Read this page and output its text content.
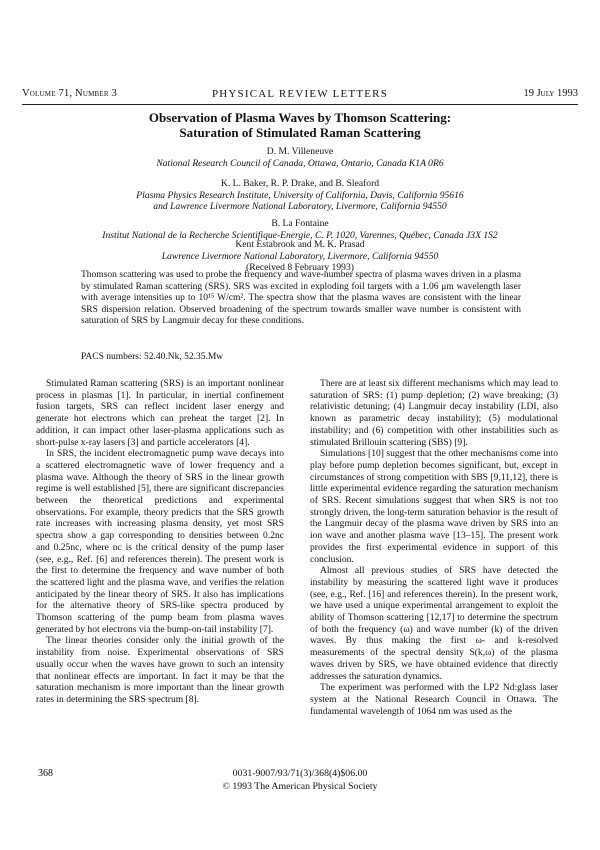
Volume 71, Number 3	PHYSICAL REVIEW LETTERS	19 July 1993
Observation of Plasma Waves by Thomson Scattering:
Saturation of Stimulated Raman Scattering
D. M. Villeneuve
National Research Council of Canada, Ottawa, Ontario, Canada K1A 0R6
K. L. Baker, R. P. Drake, and B. Sleaford
Plasma Physics Research Institute, University of California, Davis, California 95616
and Lawrence Livermore National Laboratory, Livermore, California 94550
B. La Fontaine
Institut National de la Recherche Scientifique-Energie, C. P. 1020, Varennes, Québec, Canada J3X 1S2
Kent Estabrook and M. K. Prasad
Lawrence Livermore National Laboratory, Livermore, California 94550
(Received 8 February 1993)
Thomson scattering was used to probe the frequency and wave-number spectra of plasma waves driven in a plasma by stimulated Raman scattering (SRS). SRS was excited in exploding foil targets with a 1.06 μm wavelength laser with average intensities up to 10¹⁵ W/cm². The spectra show that the plasma waves are consistent with the linear SRS dispersion relation. Observed broadening of the spectrum towards smaller wave number is consistent with saturation of SRS by Langmuir decay for these conditions.
PACS numbers: 52.40.Nk, 52.35.Mw

Stimulated Raman scattering (SRS) is an important nonlinear process in plasmas [1]. In particular, in inertial confinement fusion targets, SRS can reflect incident laser energy and generate hot electrons which can preheat the target [2]. In addition, it can impact other laser-plasma applications such as short-pulse x-ray lasers [3] and particle accelerators [4].

In SRS, the incident electromagnetic pump wave decays into a scattered electromagnetic wave of lower frequency and a plasma wave. Although the theory of SRS in the linear growth regime is well established [5], there are significant discrepancies between the theoretical predictions and experimental observations. For example, theory predicts that the SRS growth rate increases with increasing plasma density, yet most SRS spectra show a gap corresponding to densities between 0.2nc and 0.25nc, where nc is the critical density of the pump laser (see, e.g., Ref. [6] and references therein). The present work is the first to determine the frequency and wave number of both the scattered light and the plasma wave, and verifies the relation anticipated by the linear theory of SRS. It also has implications for the alternative theory of SRS-like spectra produced by Thomson scattering of the pump beam from plasma waves generated by hot electrons via the bump-on-tail instability [7].

The linear theories consider only the initial growth of the instability from noise. Experimental observations of SRS usually occur when the waves have grown to such an intensity that nonlinear effects are important. In fact it may be that the saturation mechanism is more important than the linear growth rates in determining the SRS spectrum [8].

There are at least six different mechanisms which may lead to saturation of SRS: (1) pump depletion; (2) wave breaking; (3) relativistic detuning; (4) Langmuir decay instability (LDI, also known as parametric decay instability); (5) modulational instability; and (6) competition with other instabilities such as stimulated Brillouin scattering (SBS) [9].

Simulations [10] suggest that the other mechanisms come into play before pump depletion becomes significant, but, except in circumstances of strong competition with SBS [9,11,12], there is little experimental evidence regarding the saturation mechanism of SRS. Recent simulations suggest that when SRS is not too strongly driven, the long-term saturation behavior is the result of the Langmuir decay of the plasma wave driven by SRS into an ion wave and another plasma wave [13–15]. The present work provides the first experimental evidence in support of this conclusion.

Almost all previous studies of SRS have detected the instability by measuring the scattered light wave it produces (see, e.g., Ref. [16] and references therein). In the present work, we have used a unique experimental arrangement to exploit the ability of Thomson scattering [12,17] to determine the spectrum of both the frequency (ω) and wave number (k) of the driven waves. By thus making the first ω- and k-resolved measurements of the spectral density S(k,ω) of the plasma waves driven by SRS, we have obtained evidence that directly addresses the saturation dynamics.

The experiment was performed with the LP2 Nd:glass laser system at the National Research Council in Ottawa. The fundamental wavelength of 1064 nm was used as the

368	0031-9007/93/71(3)/368(4)$06.00
© 1993 The American Physical Society
